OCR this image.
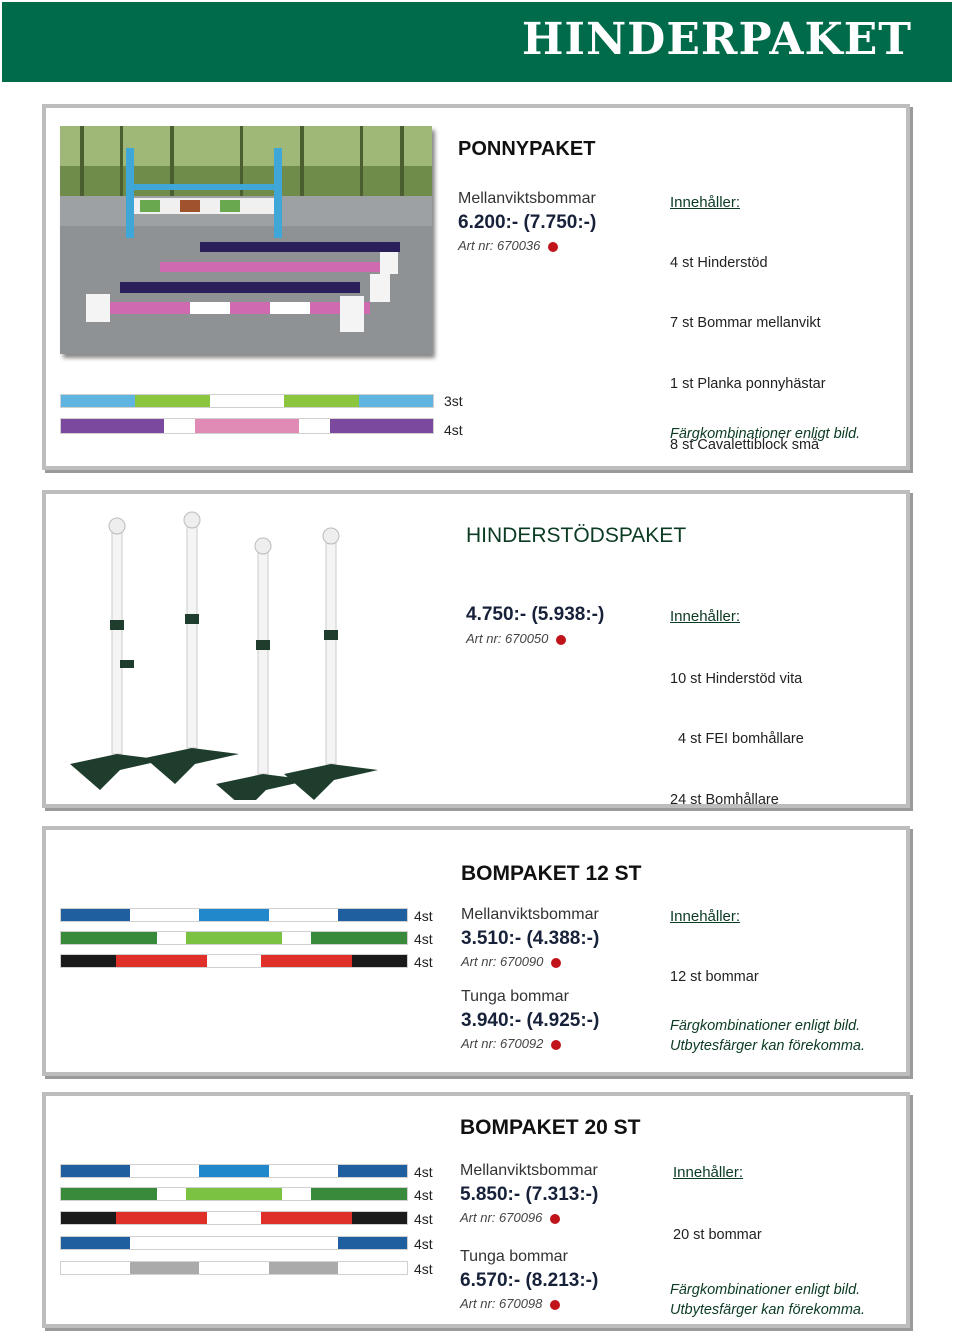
HINDERPAKET
PONNYPAKET
Mellanviktsbommar
6.200:- (7.750:-)
Art nr: 670036
Innehåller:

4 st Hinderstöd

7 st Bommar mellanvikt

1 st Planka ponnyhästar

8 st Cavalettiblock små

3st
4st	Färgkombinationer enligt bild.
HINDERSTÖDSPAKET
4.750:- (5.938:-)
Art nr: 670050
Innehåller:

10 st Hinderstöd vita

4 st FEI bomhållare

24 st Bomhållare

BOMPAKET 12 ST
4st
4st
4st
Mellanviktsbommar
3.510:- (4.388:-)
Art nr: 670090
Tunga bommar
3.940:- (4.925:-)
Art nr: 670092
Innehåller:

12 st bommar

Färgkombinationer enligt bild.
Utbytesfärger kan förekomma.
BOMPAKET 20 ST
4st
4st
4st
4st
4st
Mellanviktsbommar
5.850:- (7.313:-)
Art nr: 670096
Tunga bommar
6.570:- (8.213:-)
Art nr: 670098
Innehåller:

20 st bommar

Färgkombinationer enligt bild.
Utbytesfärger kan förekomma.
